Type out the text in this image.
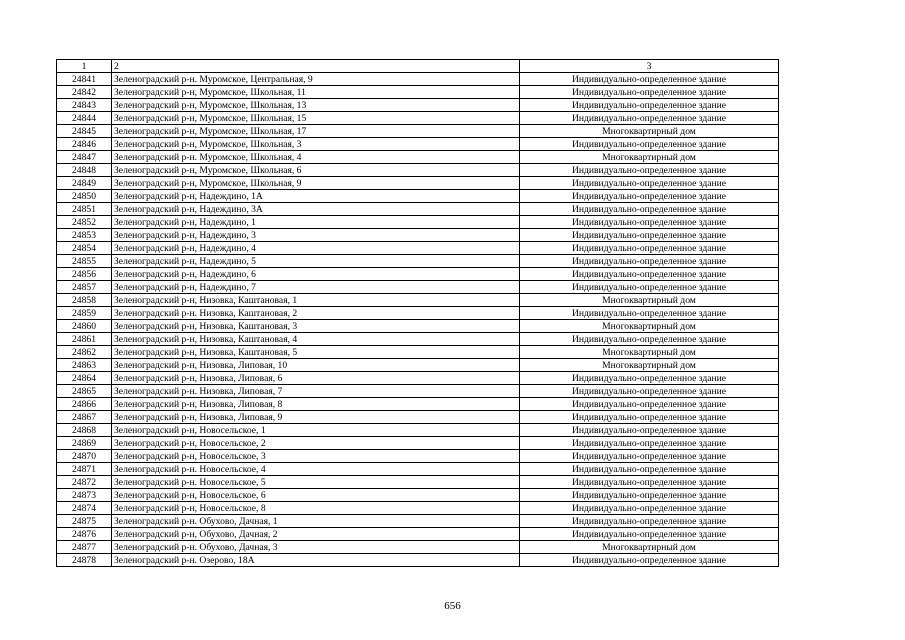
1	2	3
24841	Зеленоградский р-н. Муромское, Центральная, 9	Индивидуально-определенное здание
24842	Зеленоградский р-н, Муромское, Школьная, 11	Индивидуально-определенное здание
24843	Зеленоградский р-н, Муромское, Школьная, 13	Индивидуально-определенное здание
24844	Зеленоградский р-н, Муромское, Школьная, 15	Индивидуально-определенное здание
24845	Зеленоградский р-н, Муромское, Школьная, 17	Многоквартирный дом
24846	Зеленоградский р-н, Муромское, Школьная, 3	Индивидуально-определенное здание
24847	Зеленоградский р-н. Муромское, Школьная, 4	Многоквартирный дом
24848	Зеленоградский р-н, Муромское, Школьная, 6	Индивидуально-определенное здание
24849	Зеленоградский р-н, Муромское, Школьная, 9	Индивидуально-определенное здание
24850	Зеленоградский р-н, Надеждино, 1А	Индивидуально-определенное здание
24851	Зеленоградский р-н, Надеждино, 3А	Индивидуально-определенное здание
24852	Зеленоградский р-н, Надеждино, 1	Индивидуально-определенное здание
24853	Зеленоградский р-н, Надеждино, 3	Индивидуально-определенное здание
24854	Зеленоградский р-н, Надеждино, 4	Индивидуально-определенное здание
24855	Зеленоградский р-н, Надеждино, 5	Индивидуально-определенное здание
24856	Зеленоградский р-н, Надеждино, 6	Индивидуально-определенное здание
24857	Зеленоградский р-н, Надеждино, 7	Индивидуально-определенное здание
24858	Зеленоградский р-н, Низовка, Каштановая, 1	Многоквартирный дом
24859	Зеленоградский р-н. Низовка, Каштановая, 2	Индивидуально-определенное здание
24860	Зеленоградский р-н, Низовка, Каштановая, 3	Многоквартирный дом
24861	Зеленоградский р-н, Низовка, Каштановая, 4	Индивидуально-определенное здание
24862	Зеленоградский р-н, Низовка, Каштановая, 5	Многоквартирный дом
24863	Зеленоградский р-н, Низовка, Липовая, 10	Многоквартирный дом
24864	Зеленоградский р-н, Низовка, Липовая, 6	Индивидуально-определенное здание
24865	Зеленоградский р-н. Низовка, Липовая, 7	Индивидуально-определенное здание
24866	Зеленоградский р-н, Низовка, Липовая, 8	Индивидуально-определенное здание
24867	Зеленоградский р-н, Низовка, Липовая, 9	Индивидуально-определенное здание
24868	Зеленоградский р-н, Новосельское, 1	Индивидуально-определенное здание
24869	Зеленоградский р-н, Новосельское, 2	Индивидуально-определенное здание
24870	Зеленоградский р-н, Новосельское, 3	Индивидуально-определенное здание
24871	Зеленоградский р-н. Новосельское, 4	Индивидуально-определенное здание
24872	Зеленоградский р-н. Новосельское, 5	Индивидуально-определенное здание
24873	Зеленоградский р-н, Новосельское, 6	Индивидуально-определенное здание
24874	Зеленоградский р-н, Новосельское, 8	Индивидуально-определенное здание
24875	Зеленоградский р-н. Обухово, Дачная, 1	Индивидуально-определенное здание
24876	Зеленоградский р-н, Обухово, Дачная, 2	Индивидуально-определенное здание
24877	Зеленоградский р-н. Обухово, Дачная, 3	Многоквартирный дом
24878	Зеленоградский р-н. Озерово, 18А	Индивидуально-определенное здание
656
